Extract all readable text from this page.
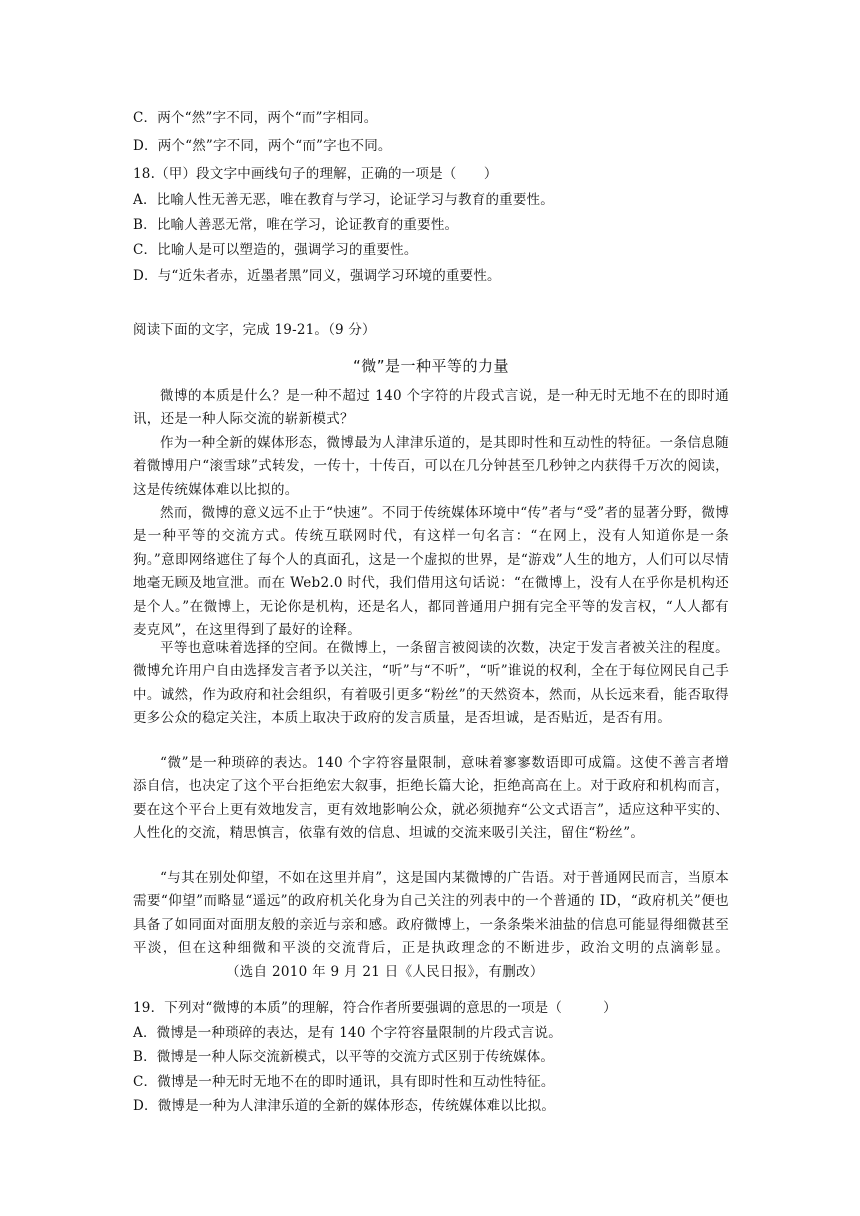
C．两个“然”字不同，两个“而”字相同。
D．两个“然”字不同，两个“而”字也不同。
18.（甲）段文字中画线句子的理解，正确的一项是（　　）
A．比喻人性无善无恶，唯在教育与学习，论证学习与教育的重要性。
B．比喻人善恶无常，唯在学习，论证教育的重要性。
C．比喻人是可以塑造的，强调学习的重要性。
D．与“近朱者赤，近墨者黑”同义，强调学习环境的重要性。
阅读下面的文字，完成 19-21。（9 分）
“微”是一种平等的力量
微博的本质是什么？是一种不超过 140 个字符的片段式言说，是一种无时无地不在的即时通讯，还是一种人际交流的崭新模式？
作为一种全新的媒体形态，微博最为人津津乐道的，是其即时性和互动性的特征。一条信息随着微博用户“滚雪球”式转发，一传十，十传百，可以在几分钟甚至几秒钟之内获得千万次的阅读，这是传统媒体难以比拟的。
然而，微博的意义远不止于“快速”。不同于传统媒体环境中“传”者与“受”者的显著分野，微博是一种平等的交流方式。传统互联网时代，有这样一句名言：“在网上，没有人知道你是一条狗。”意即网络遮住了每个人的真面孔，这是一个虚拟的世界，是“游戏”人生的地方，人们可以尽情地毫无顾及地宣泄。而在 Web2.0 时代，我们借用这句话说：“在微博上，没有人在乎你是机构还是个人。”在微博上，无论你是机构，还是名人，都同普通用户拥有完全平等的发言权，“人人都有麦克风”，在这里得到了最好的诠释。
平等也意味着选择的空间。在微博上，一条留言被阅读的次数，决定于发言者被关注的程度。微博允许用户自由选择发言者予以关注，“听”与“不听”，“听”谁说的权利，全在于每位网民自己手中。诚然，作为政府和社会组织，有着吸引更多“粉丝”的天然资本，然而，从长远来看，能否取得更多公众的稳定关注，本质上取决于政府的发言质量，是否坦诚，是否贴近，是否有用。
“微”是一种琐碎的表达。140 个字符容量限制，意味着寥寥数语即可成篇。这使不善言者增添自信，也决定了这个平台拒绝宏大叙事，拒绝长篇大论，拒绝高高在上。对于政府和机构而言，要在这个平台上更有效地发言，更有效地影响公众，就必须抛弃“公文式语言”，适应这种平实的、人性化的交流，精思慎言，依靠有效的信息、坦诚的交流来吸引关注，留住“粉丝”。
“与其在别处仰望，不如在这里并肩”，这是国内某微博的广告语。对于普通网民而言，当原本需要“仰望”而略显“遥远”的政府机关化身为自己关注的列表中的一个普通的 ID，“政府机关”便也具备了如同面对面朋友般的亲近与亲和感。政府微博上，一条条柴米油盐的信息可能显得细微甚至平淡，但在这种细微和平淡的交流背后，正是执政理念的不断进步，政治文明的点滴彰显。（选自 2010 年 9 月 21 日《人民日报》，有删改）
19．下列对“微博的本质”的理解，符合作者所要强调的意思的一项是（　　　）
A．微博是一种琐碎的表达，是有 140 个字符容量限制的片段式言说。
B．微博是一种人际交流新模式，以平等的交流方式区别于传统媒体。
C．微博是一种无时无地不在的即时通讯，具有即时性和互动性特征。
D．微博是一种为人津津乐道的全新的媒体形态，传统媒体难以比拟。
